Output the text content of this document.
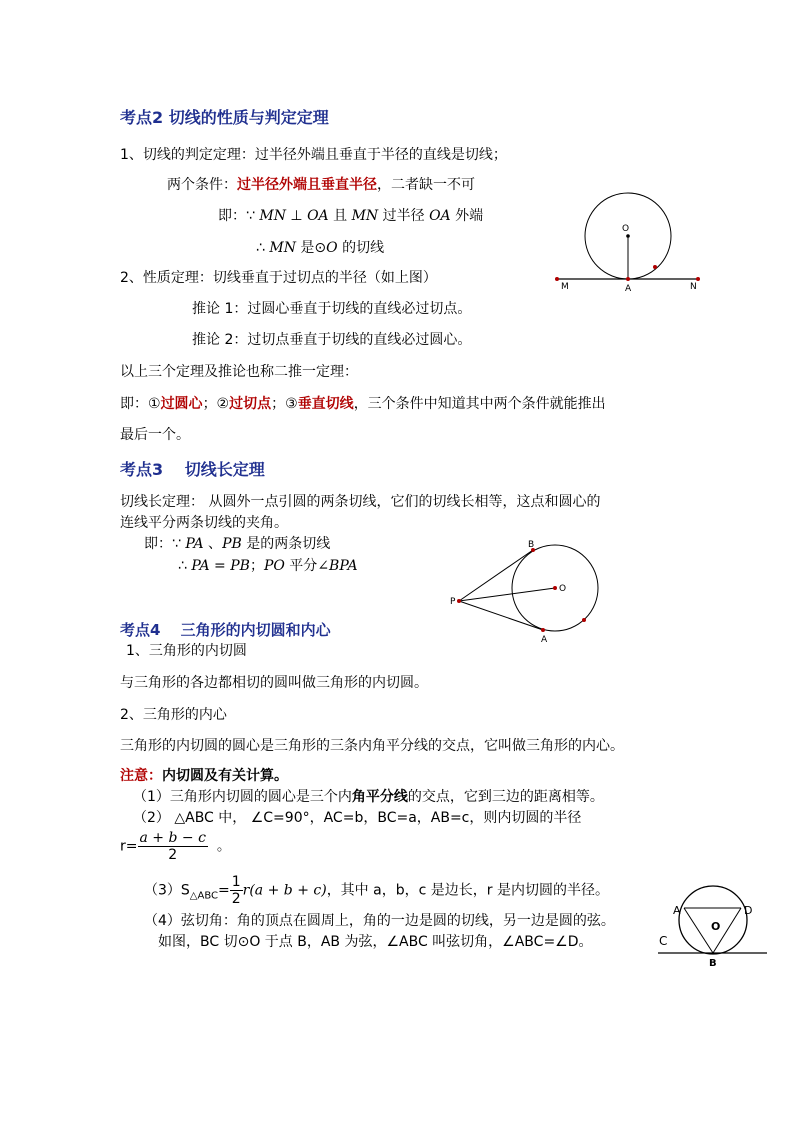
考点2 切线的性质与判定定理
1、切线的判定定理：过半径外端且垂直于半径的直线是切线；
两个条件：过半径外端且垂直半径，二者缺一不可
即：∵ MN ⊥ OA 且 MN 过半径 OA 外端
∴ MN 是⊙O 的切线
2、性质定理：切线垂直于过切点的半径（如上图）
推论 1：过圆心垂直于切线的直线必过切点。
推论 2：过切点垂直于切线的直线必过圆心。
以上三个定理及推论也称二推一定理：
即：①过圆心；②过切点；③垂直切线，三个条件中知道其中两个条件就能推出
最后一个。
O
M	A	N
B
O
P
A
A	D
O
C
B
考点3　 切线长定理
切线长定理： 从圆外一点引圆的两条切线，它们的切线长相等，这点和圆心的
连线平分两条切线的夹角。
即：∵ PA 、PB 是的两条切线
∴ PA = PB；PO 平分∠BPA
考点4　 三角形的内切圆和内心
1、三角形的内切圆
与三角形的各边都相切的圆叫做三角形的内切圆。
2、三角形的内心
三角形的内切圆的圆心是三角形的三条内角平分线的交点，它叫做三角形的内心。
注意：内切圆及有关计算。
（1）三角形内切圆的圆心是三个内角平分线的交点，它到三边的距离相等。
（2） △ABC 中， ∠C=90°，AC=b，BC=a，AB=c，则内切圆的半径
$r= \frac{a + b - c}{2}$ 。
$(3)S_{\triangle ABC}= \frac{1}{2} r(a + b + c)$，其中 a，b，c 是边长，r 是内切圆的半径。
（4）弦切角：角的顶点在圆周上，角的一边是圆的切线，另一边是圆的弦。
如图，BC 切⊙O 于点 B，AB 为弦，∠ABC 叫弦切角，∠ABC=∠D。
